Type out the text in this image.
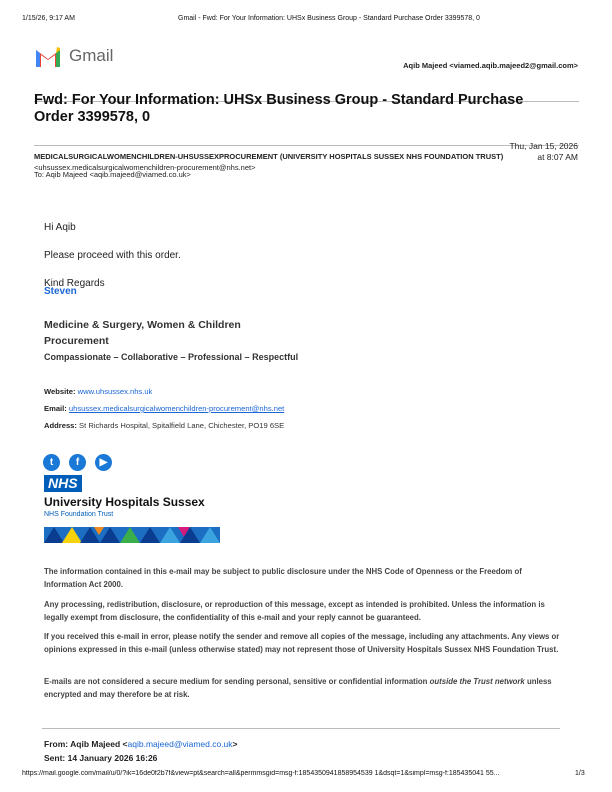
1/15/26, 9:17 AM	Gmail - Fwd: For Your Information: UHSx Business Group - Standard Purchase Order 3399578, 0
Gmail
Aqib Majeed <viamed.aqib.majeed2@gmail.com>
Fwd: For Your Information: UHSx Business Group - Standard Purchase Order 3399578, 0
MEDICALSURGICALWOMENCHILDREN-UHSUSSEXPROCUREMENT (UNIVERSITY HOSPITALS SUSSEX NHS FOUNDATION TRUST) <uhsussex.medicalsurgicalwomenchildren-procurement@nhs.net>
Thu, Jan 15, 2026 at 8:07 AM
To: Aqib Majeed <aqib.majeed@viamed.co.uk>
Hi Aqib
Please proceed with this order.
Kind Regards
Steven
Medicine & Surgery, Women & Children
Procurement
Compassionate – Collaborative – Professional – Respectful
Website: www.uhsussex.nhs.uk
Email: uhsussex.medicalsurgicalwomenchildren-procurement@nhs.net
Address: St Richards Hospital, Spitalfield Lane, Chichester, PO19 6SE
t f ▶
NHS
University Hospitals Sussex
NHS Foundation Trust
The information contained in this e-mail may be subject to public disclosure under the NHS Code of Openness or the Freedom of Information Act 2000.
Any processing, redistribution, disclosure, or reproduction of this message, except as intended is prohibited. Unless the information is legally exempt from disclosure, the confidentiality of this e-mail and your reply cannot be guaranteed.
If you received this e-mail in error, please notify the sender and remove all copies of the message, including any attachments. Any views or opinions expressed in this e-mail (unless otherwise stated) may not represent those of University Hospitals Sussex NHS Foundation Trust.
E-mails are not considered a secure medium for sending personal, sensitive or confidential information outside the Trust network unless encrypted and may therefore be at risk.
From: Aqib Majeed <aqib.majeed@viamed.co.uk>
Sent: 14 January 2026 16:26
https://mail.google.com/mail/u/0/?ik=16de0f2b7f&view=pt&search=all&permmsgid=msg-f:1854350941858954539 1&dsqt=1&simpl=msg-f:185435041 55...	1/3
